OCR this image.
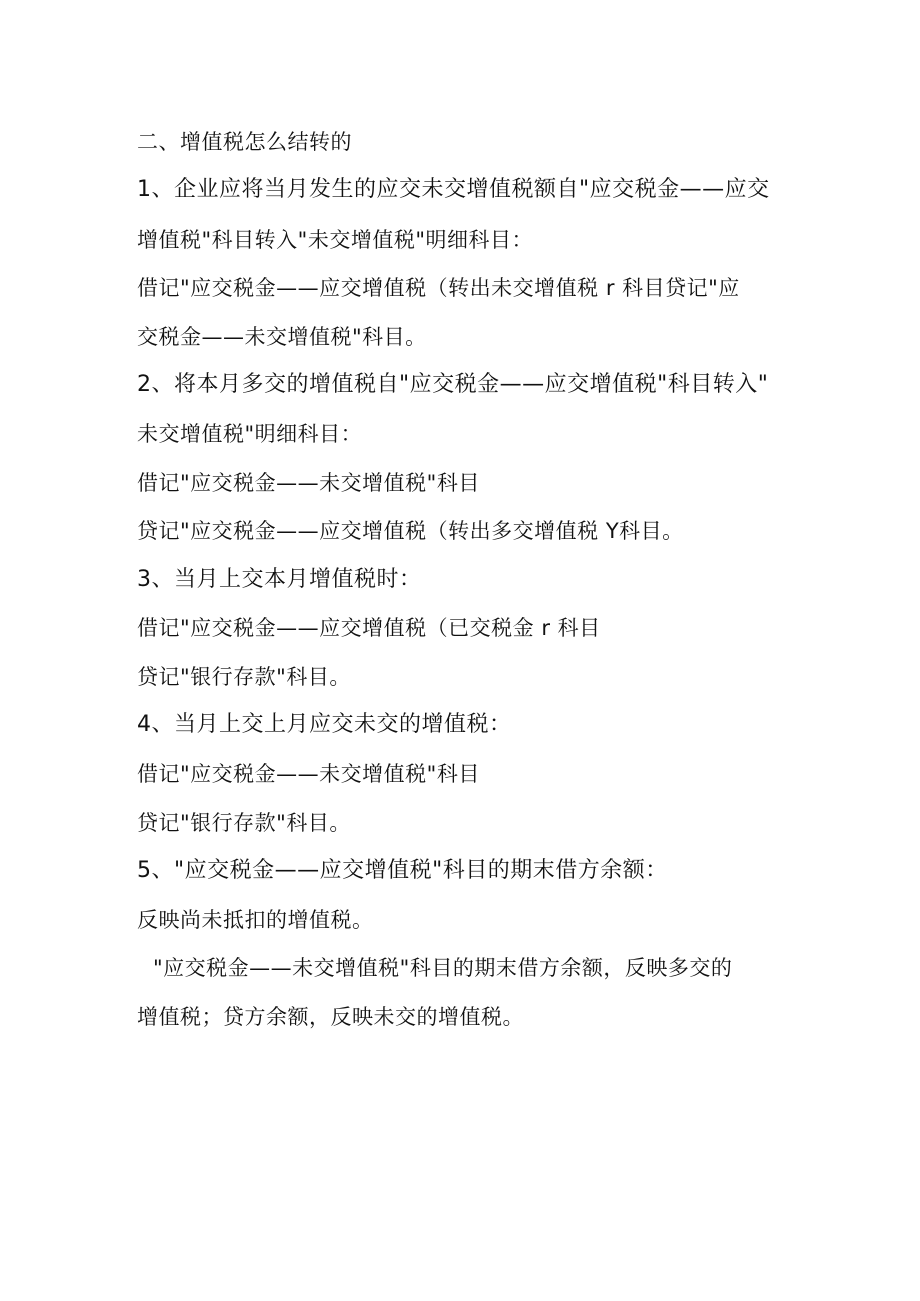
二、增值税怎么结转的
1、企业应将当月发生的应交未交增值税额自"应交税金——应交
增值税"科目转入"未交增值税"明细科目：
借记"应交税金——应交增值税（转出未交增值税 r 科目贷记"应
交税金——未交增值税"科目。
2、将本月多交的增值税自"应交税金——应交增值税"科目转入"
未交增值税"明细科目：
借记"应交税金——未交增值税"科目
贷记"应交税金——应交增值税（转出多交增值税 Y科目。
3、当月上交本月增值税时：
借记"应交税金——应交增值税（已交税金 r 科目
贷记"银行存款"科目。
4、当月上交上月应交未交的增值税：
借记"应交税金——未交增值税"科目
贷记"银行存款"科目。
5、"应交税金——应交增值税"科目的期末借方余额：
反映尚未抵扣的增值税。
"应交税金——未交增值税"科目的期末借方余额，反映多交的
增值税；贷方余额，反映未交的增值税。
